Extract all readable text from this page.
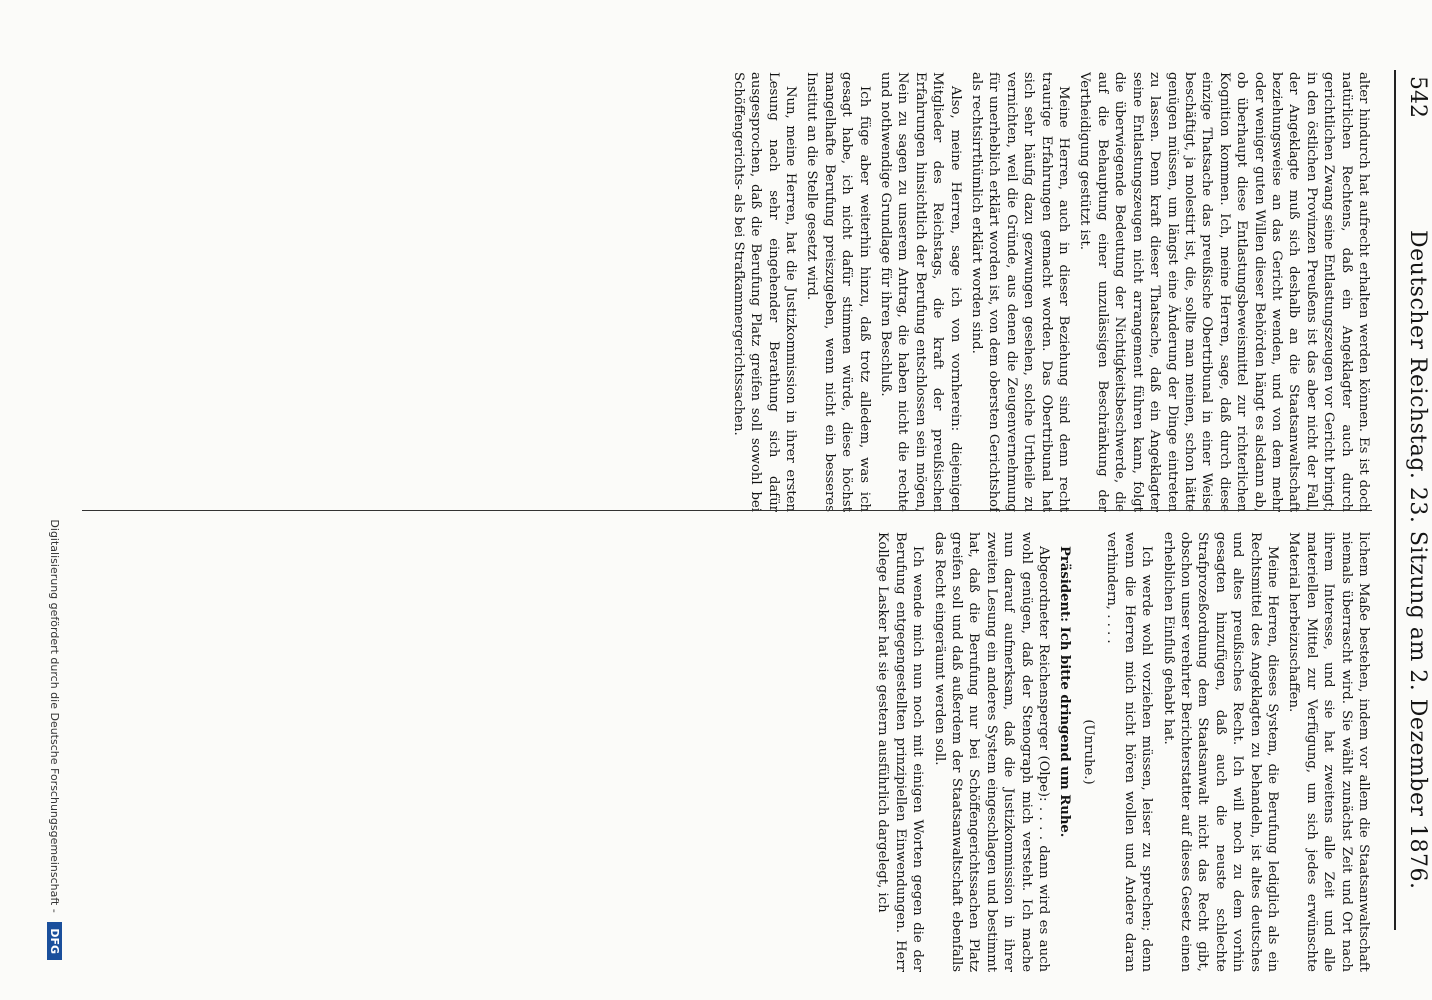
542
Deutscher Reichstag. 23. Sitzung am 2. Dezember 1876.

alter hindurch hat aufrecht erhalten werden können. Es ist doch natürlichen Rechtens, daß ein Angeklagter auch durch gerichtlichen Zwang seine Entlastungszeugen vor Gericht bringt; in den östlichen Provinzen Preußens ist das aber nicht der Fall, der Angeklagte muß sich deshalb an die Staatsanwaltschaft beziehungsweise an das Gericht wenden, und von dem mehr oder weniger guten Willen dieser Behörden hängt es alsdann ab, ob überhaupt diese Entlastungsbeweismittel zur richterlichen Kognition kommen. Ich, meine Herren, sage, daß durch diese einzige Thatsache das preußische Obertribunal in einer Weise beschäftigt, ja molestirt ist, die, sollte man meinen, schon hätte genügen müssen, um längst eine Änderung der Dinge eintreten zu lassen. Denn kraft dieser Thatsache, daß ein Angeklagter seine Entlastungszeugen nicht arrangement führen kann, folgt die überwiegende Bedeutung der Nichtigkeitsbeschwerde, die auf die Behauptung einer unzulässigen Beschränkung der Vertheidigung gestützt ist.

Meine Herren, auch in dieser Beziehung sind denn recht traurige Erfahrungen gemacht worden. Das Obertribunal hat sich sehr häufig dazu gezwungen gesehen, solche Urtheile zu vernichten, weil die Gründe, aus denen die Zeugenvernehmung für unerheblich erklärt worden ist, von dem obersten Gerichtshof als rechtsirrthümlich erklärt worden sind.

Also, meine Herren, sage ich von vornherein: diejenigen Mitglieder des Reichstags, die kraft der preußischen Erfahrungen hinsichtlich der Berufung entschlossen sein mögen, Nein zu sagen zu unserem Antrag, die haben nicht die rechte und nothwendige Grundlage für ihren Beschluß.

Ich füge aber weiterhin hinzu, daß trotz alledem, was ich gesagt habe, ich nicht dafür stimmen würde, diese höchst mangelhafte Berufung preiszugeben, wenn nicht ein besseres Institut an die Stelle gesetzt wird.

Nun, meine Herren, hat die Justizkommission in ihrer ersten Lesung nach sehr eingehender Berathung sich dafür ausgesprochen, daß die Berufung Platz greifen soll sowohl bei Schöffengerichts- als bei Strafkammergerichtssachen.

lichem Maße bestehen, indem vor allem die Staatsanwaltschaft niemals überrascht wird. Sie wählt zunächst Zeit und Ort nach ihrem Interesse, und sie hat zweitens alle Zeit und alle materiellen Mittel zur Verfügung, um sich jedes erwünschte Material herbeizuschaffen.

Meine Herren, dieses System, die Berufung lediglich als ein Rechtsmittel des Angeklagten zu behandeln, ist altes deutsches und altes preußisches Recht. Ich will noch zu dem vorhin gesagten hinzufügen, daß auch die neuste schlechte Strafprozeßordnung dem Staatsanwalt nicht das Recht gibt, obschon unser verehrter Berichterstatter auf dieses Gesetz einen erheblichen Einfluß gehabt hat.

Ich werde wohl vorziehen müssen, leiser zu sprechen; denn wenn die Herren mich nicht hören wollen und Andere daran verhindern, . . . .

(Unruhe.)

Präsident: Ich bitte dringend um Ruhe.

Abgeordneter Reichensperger (Olpe): . . . . dann wird es auch wohl genügen, daß der Stenograph mich versteht. Ich mache nun darauf aufmerksam, daß die Justizkommission in ihrer zweiten Lesung ein anderes System eingeschlagen und bestimmt hat, daß die Berufung nur bei Schöffengerichtssachen Platz greifen soll und daß außerdem der Staatsanwaltschaft ebenfalls das Recht eingeräumt werden soll.

Ich wende mich nun noch mit einigen Worten gegen die der Berufung entgegengestellten prinzipiellen Einwendungen. Herr Kollege Lasker hat sie gestern ausführlich dargelegt, ich

Digitalisierung gefördert durch die Deutsche Forschungsgemeinschaft - DFG
